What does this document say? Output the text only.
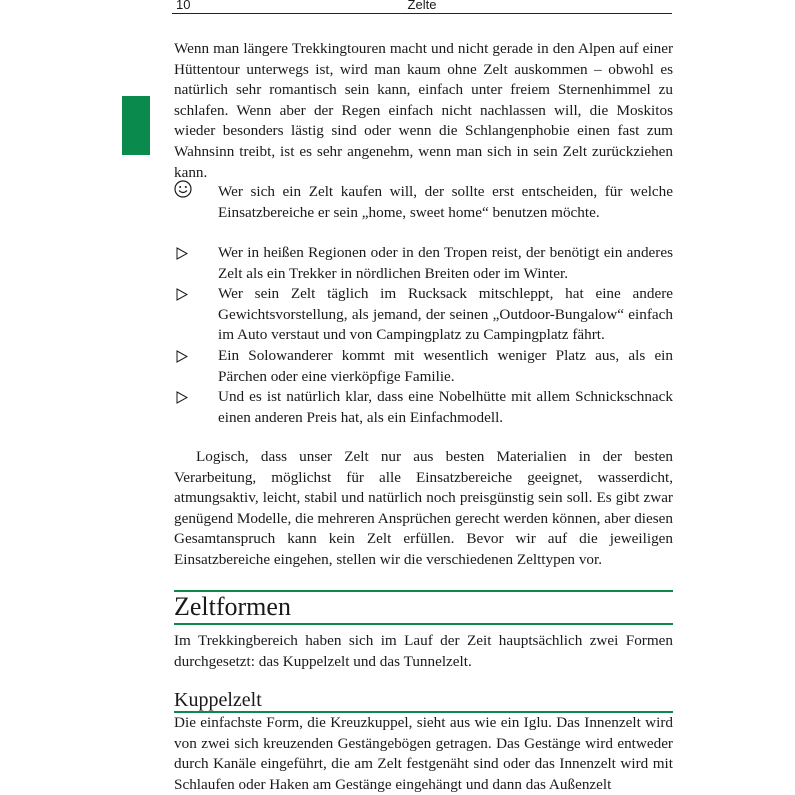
10	Zelte

Wenn man längere Trekkingtouren macht und nicht gerade in den Alpen auf einer Hüttentour unterwegs ist, wird man kaum ohne Zelt auskommen – obwohl es natürlich sehr romantisch sein kann, einfach unter freiem Sternenhimmel zu schlafen. Wenn aber der Regen einfach nicht nachlassen will, die Moskitos wieder besonders lästig sind oder wenn die Schlangenphobie einen fast zum Wahnsinn treibt, ist es sehr angenehm, wenn man sich in sein Zelt zurückziehen kann.

Wer sich ein Zelt kaufen will, der sollte erst entscheiden, für welche Einsatzbereiche er sein „home, sweet home“ benutzen möchte.

Wer in heißen Regionen oder in den Tropen reist, der benötigt ein anderes Zelt als ein Trekker in nördlichen Breiten oder im Winter.

Wer sein Zelt täglich im Rucksack mitschleppt, hat eine andere Gewichtsvorstellung, als jemand, der seinen „Outdoor-Bungalow“ einfach im Auto verstaut und von Campingplatz zu Campingplatz fährt.

Ein Solowanderer kommt mit wesentlich weniger Platz aus, als ein Pärchen oder eine vierköpfige Familie.

Und es ist natürlich klar, dass eine Nobelhütte mit allem Schnickschnack einen anderen Preis hat, als ein Einfachmodell.

Logisch, dass unser Zelt nur aus besten Materialien in der besten Verarbeitung, möglichst für alle Einsatzbereiche geeignet, wasserdicht, atmungsaktiv, leicht, stabil und natürlich noch preisgünstig sein soll. Es gibt zwar genügend Modelle, die mehreren Ansprüchen gerecht werden können, aber diesen Gesamtanspruch kann kein Zelt erfüllen. Bevor wir auf die jeweiligen Einsatzbereiche eingehen, stellen wir die verschiedenen Zelttypen vor.

Zeltformen

Im Trekkingbereich haben sich im Lauf der Zeit hauptsächlich zwei Formen durchgesetzt: das Kuppelzelt und das Tunnelzelt.

Kuppelzelt

Die einfachste Form, die Kreuzkuppel, sieht aus wie ein Iglu. Das Innenzelt wird von zwei sich kreuzenden Gestängebögen getragen. Das Gestänge wird entweder durch Kanäle eingeführt, die am Zelt festgenäht sind oder das Innenzelt wird mit Schlaufen oder Haken am Gestänge eingehängt und dann das Außenzelt
